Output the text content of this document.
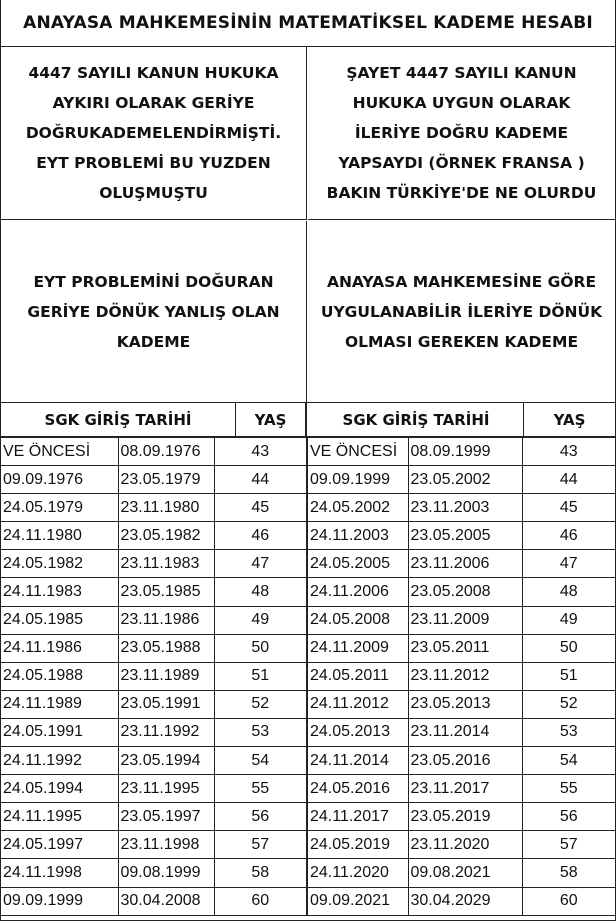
ANAYASA MAHKEMESİNİN MATEMATİKSEL KADEME HESABI
4447 SAYILI KANUN HUKUKA AYKIRI OLARAK GERİYE DOĞRUKADEMELENDİRMİŞTİ. EYT PROBLEMİ BU YUZDEN OLUŞMUŞTU
ŞAYET 4447 SAYILI KANUN HUKUKA UYGUN OLARAK İLERİYE DOĞRU KADEME YAPSAYDI (ÖRNEK FRANSA ) BAKIN TÜRKİYE'DE NE OLURDU
EYT PROBLEMİNİ DOĞURAN GERİYE DÖNÜK YANLIŞ OLAN KADEME
ANAYASA MAHKEMESİNE GÖRE UYGULANABİLİR İLERİYE DÖNÜK OLMASI GEREKEN KADEME
SGK GİRİŞ TARİHİ	YAŞ	SGK GİRİŞ TARİHİ	YAŞ
VE ÖNCESİ	08.09.1976	43	VE ÖNCESİ	08.09.1999	43
09.09.1976	23.05.1979	44	09.09.1999	23.05.2002	44
24.05.1979	23.11.1980	45	24.05.2002	23.11.2003	45
24.11.1980	23.05.1982	46	24.11.2003	23.05.2005	46
24.05.1982	23.11.1983	47	24.05.2005	23.11.2006	47
24.11.1983	23.05.1985	48	24.11.2006	23.05.2008	48
24.05.1985	23.11.1986	49	24.05.2008	23.11.2009	49
24.11.1986	23.05.1988	50	24.11.2009	23.05.2011	50
24.05.1988	23.11.1989	51	24.05.2011	23.11.2012	51
24.11.1989	23.05.1991	52	24.11.2012	23.05.2013	52
24.05.1991	23.11.1992	53	24.05.2013	23.11.2014	53
24.11.1992	23.05.1994	54	24.11.2014	23.05.2016	54
24.05.1994	23.11.1995	55	24.05.2016	23.11.2017	55
24.11.1995	23.05.1997	56	24.11.2017	23.05.2019	56
24.05.1997	23.11.1998	57	24.05.2019	23.11.2020	57
24.11.1998	09.08.1999	58	24.11.2020	09.08.2021	58
09.09.1999	30.04.2008	60	09.09.2021	30.04.2029	60
